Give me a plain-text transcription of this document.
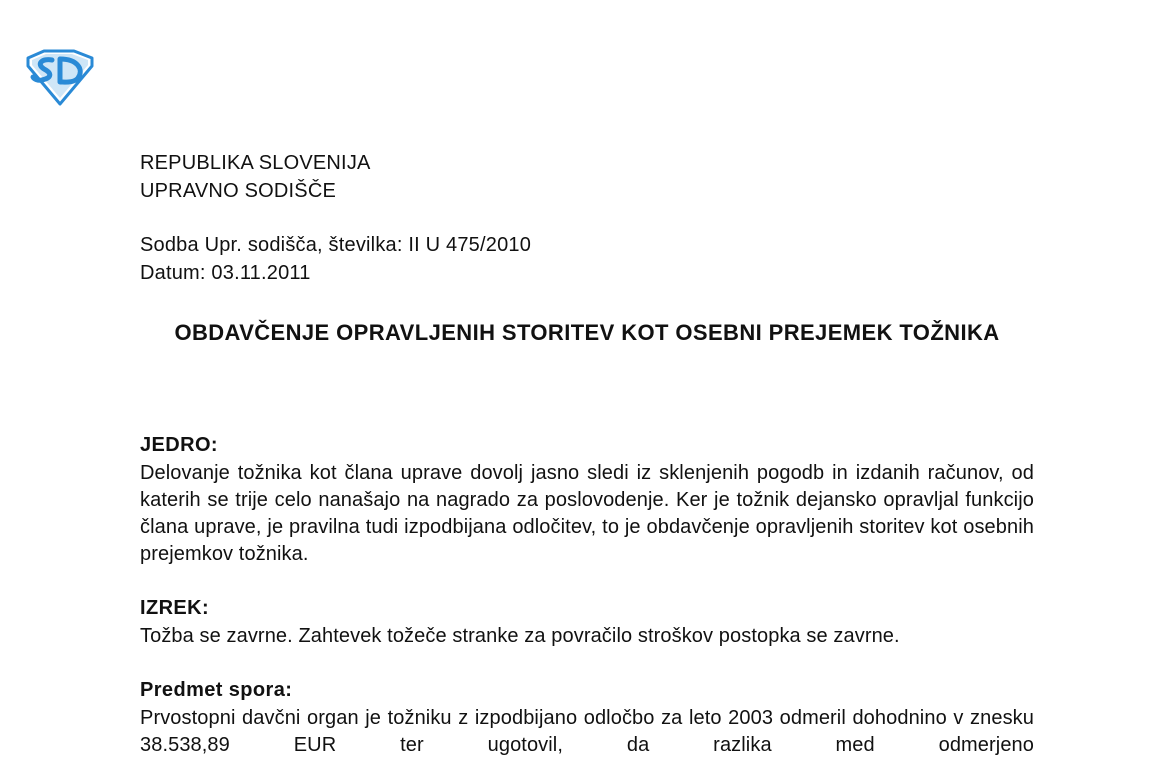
REPUBLIKA SLOVENIJA
UPRAVNO SODIŠČE
Sodba Upr. sodišča, številka: II U 475/2010
Datum: 03.11.2011
OBDAVČENJE OPRAVLJENIH STORITEV KOT OSEBNI PREJEMEK TOŽNIKA
JEDRO:
Delovanje tožnika kot člana uprave dovolj jasno sledi iz sklenjenih pogodb in izdanih računov, od katerih se trije celo nanašajo na nagrado za poslovodenje. Ker je tožnik dejansko opravljal funkcijo člana uprave, je pravilna tudi izpodbijana odločitev, to je obdavčenje opravljenih storitev kot osebnih prejemkov tožnika.
IZREK:
Tožba se zavrne. Zahtevek tožeče stranke za povračilo stroškov postopka se zavrne.
Predmet spora:
Prvostopni davčni organ je tožniku z izpodbijano odločbo za leto 2003 odmeril dohodnino v znesku 38.538,89 EUR ter ugotovil, da razlika med odmerjeno
